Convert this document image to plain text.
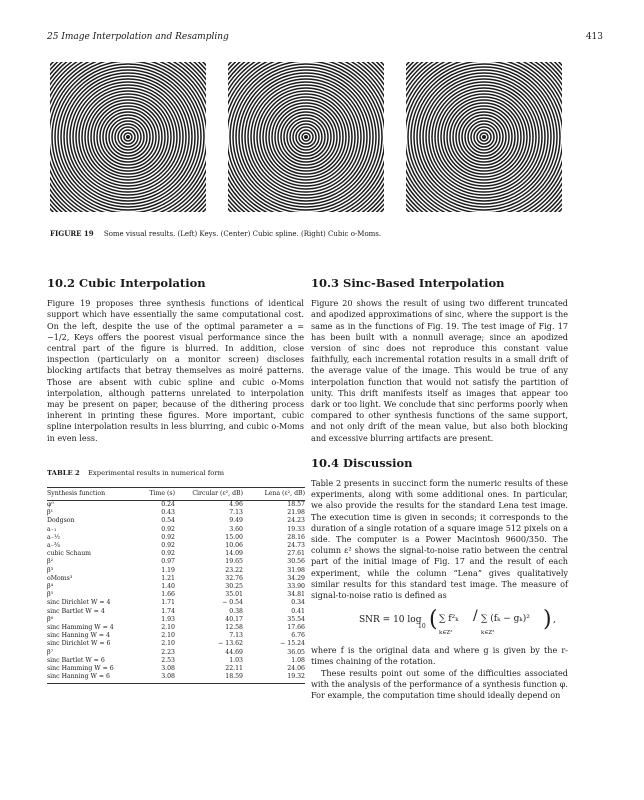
25 Image Interpolation and Resampling	413
FIGURE 19 Some visual results. (Left) Keys. (Center) Cubic spline. (Right) Cubic o-Moms.
10.2 Cubic Interpolation

Figure 19 proposes three synthesis functions of identical support which have essentially the same computational cost. On the left, despite the use of the optimal parameter a = −1/2, Keys offers the poorest visual performance since the central part of the figure is blurred. In addition, close inspection (particularly on a monitor screen) discloses blocking artifacts that betray themselves as moiré patterns. Those are absent with cubic spline and cubic o-Moms interpolation, although patterns unrelated to interpolation may be present on paper, because of the dithering process inherent in printing these figures. More important, cubic spline interpolation results in less blurring, and cubic o-Moms in even less.

TABLE 2 Experimental results in numerical form
Synthesis function	Time (s)	Circular (ε², dB)	Lena (ε², dB)
φ⁰	0.24	4.96	18.57
β¹	0.43	7.13	21.98
Dodgson	0.54	9.49	24.23
a₋₁	0.92	3.60	19.33
a₋½	0.92	15.00	28.16
a₋¾	0.92	10.06	24.73
cubic Schaum	0.92	14.09	27.61
β²	0.97	19.65	30.56
β³	1.19	23.22	31.98
oMoms³	1.21	32.76	34.29
β⁴	1.40	30.25	33.90
β⁵	1.66	35.01	34.81
sinc Dirichlet W = 4	1.71	− 0.54	0.34
sinc Bartlet W = 4	1.74	0.38	0.41
β⁶	1.93	40.17	35.54
sinc Hamming W = 4	2.10	12.58	17.66
sinc Hanning W = 4	2.10	7.13	6.76
sinc Dirichlet W = 6	2.10	− 13.62	− 15.24
β⁷	2.23	44.69	36.05
sinc Bartlet W = 6	2.53	1.03	1.08
sinc Hamming W = 6	3.08	22.11	24.06
sinc Hanning W = 6	3.08	18.59	19.32
10.3 Sinc-Based Interpolation

Figure 20 shows the result of using two different truncated and apodized approximations of sinc, where the support is the same as in the functions of Fig. 19. The test image of Fig. 17 has been built with a nonnull average; since an apodized version of sinc does not reproduce this constant value faithfully, each incremental rotation results in a small drift of the average value of the image. This would be true of any interpolation function that would not satisfy the partition of unity. This drift manifests itself as images that appear too dark or too light. We conclude that sinc performs poorly when compared to other synthesis functions of the same support, and not only drift of the mean value, but also both blocking and excessive blurring artifacts are present.

10.4 Discussion

Table 2 presents in succinct form the numeric results of these experiments, along with some additional ones. In particular, we also provide the results for the standard Lena test image. The execution time is given in seconds; it corresponds to the duration of a single rotation of a square image 512 pixels on a side. The computer is a Power Macintosh 9600/350. The column ε² shows the signal-to-noise ratio between the central part of the initial image of Fig. 17 and the result of each experiment, while the column “Lena” gives qualitatively similar results for this standard test image. The measure of signal-to-noise ratio is defined as

SNR = 10 log
10 ( ∑ f²ₖ
k∈Z²
/ ∑ (fₖ − gₖ)²
k∈Z²
) ,

where f is the original data and where g is given by the r-times chaining of the rotation.

These results point out some of the difficulties associated with the analysis of the performance of a synthesis function φ. For example, the computation time should ideally depend on
